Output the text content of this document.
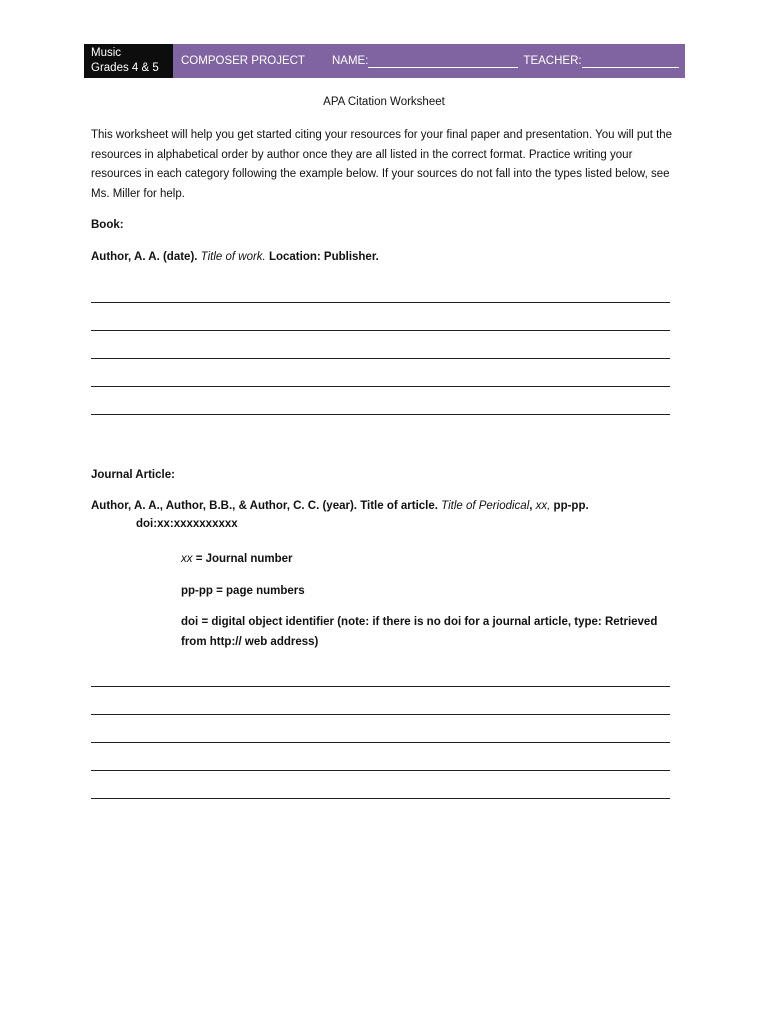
Music
Grades 4 & 5
COMPOSER PROJECT	NAME:	TEACHER:
APA Citation Worksheet
This worksheet will help you get started citing your resources for your final paper and presentation. You will put the resources in alphabetical order by author once they are all listed in the correct format. Practice writing your resources in each category following the example below. If your sources do not fall into the types listed below, see Ms. Miller for help.
Book:
Author, A. A. (date). Title of work. Location: Publisher.
Journal Article:
Author, A. A., Author, B.B., & Author, C. C. (year). Title of article. Title of Periodical, xx, pp-pp.
doi:xx:xxxxxxxxxx
xx = Journal number
pp-pp = page numbers
doi = digital object identifier (note: if there is no doi for a journal article, type: Retrieved from http:// web address)
